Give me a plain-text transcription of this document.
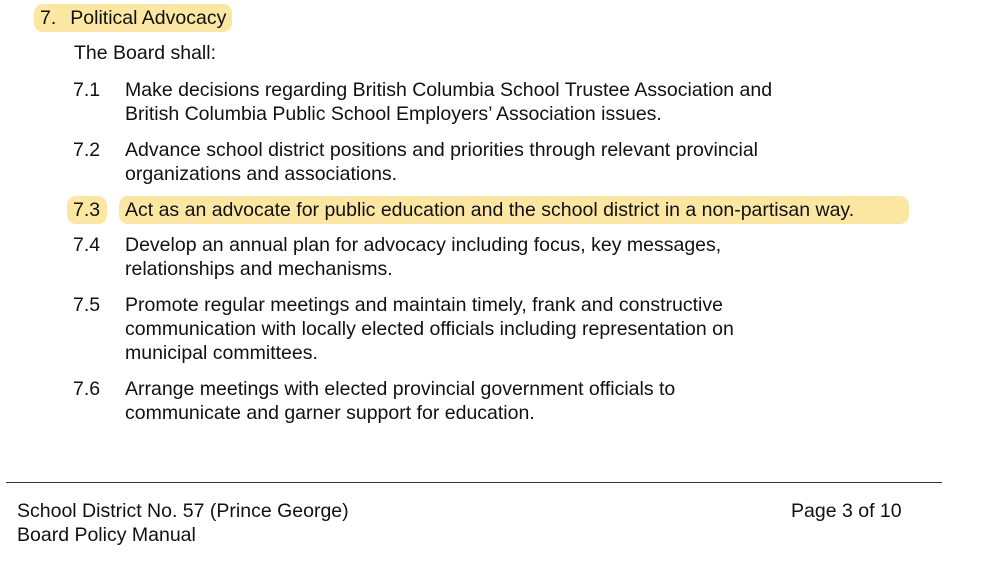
7. Political Advocacy
The Board shall:
7.1 Make decisions regarding British Columbia School Trustee Association and
British Columbia Public School Employers’ Association issues.
7.2 Advance school district positions and priorities through relevant provincial
organizations and associations.
7.3 Act as an advocate for public education and the school district in a non-partisan way.
7.4 Develop an annual plan for advocacy including focus, key messages,
relationships and mechanisms.
7.5 Promote regular meetings and maintain timely, frank and constructive
communication with locally elected officials including representation on
municipal committees.
7.6 Arrange meetings with elected provincial government officials to
communicate and garner support for education.
School District No. 57 (Prince George)
Board Policy Manual
Page 3 of 10
